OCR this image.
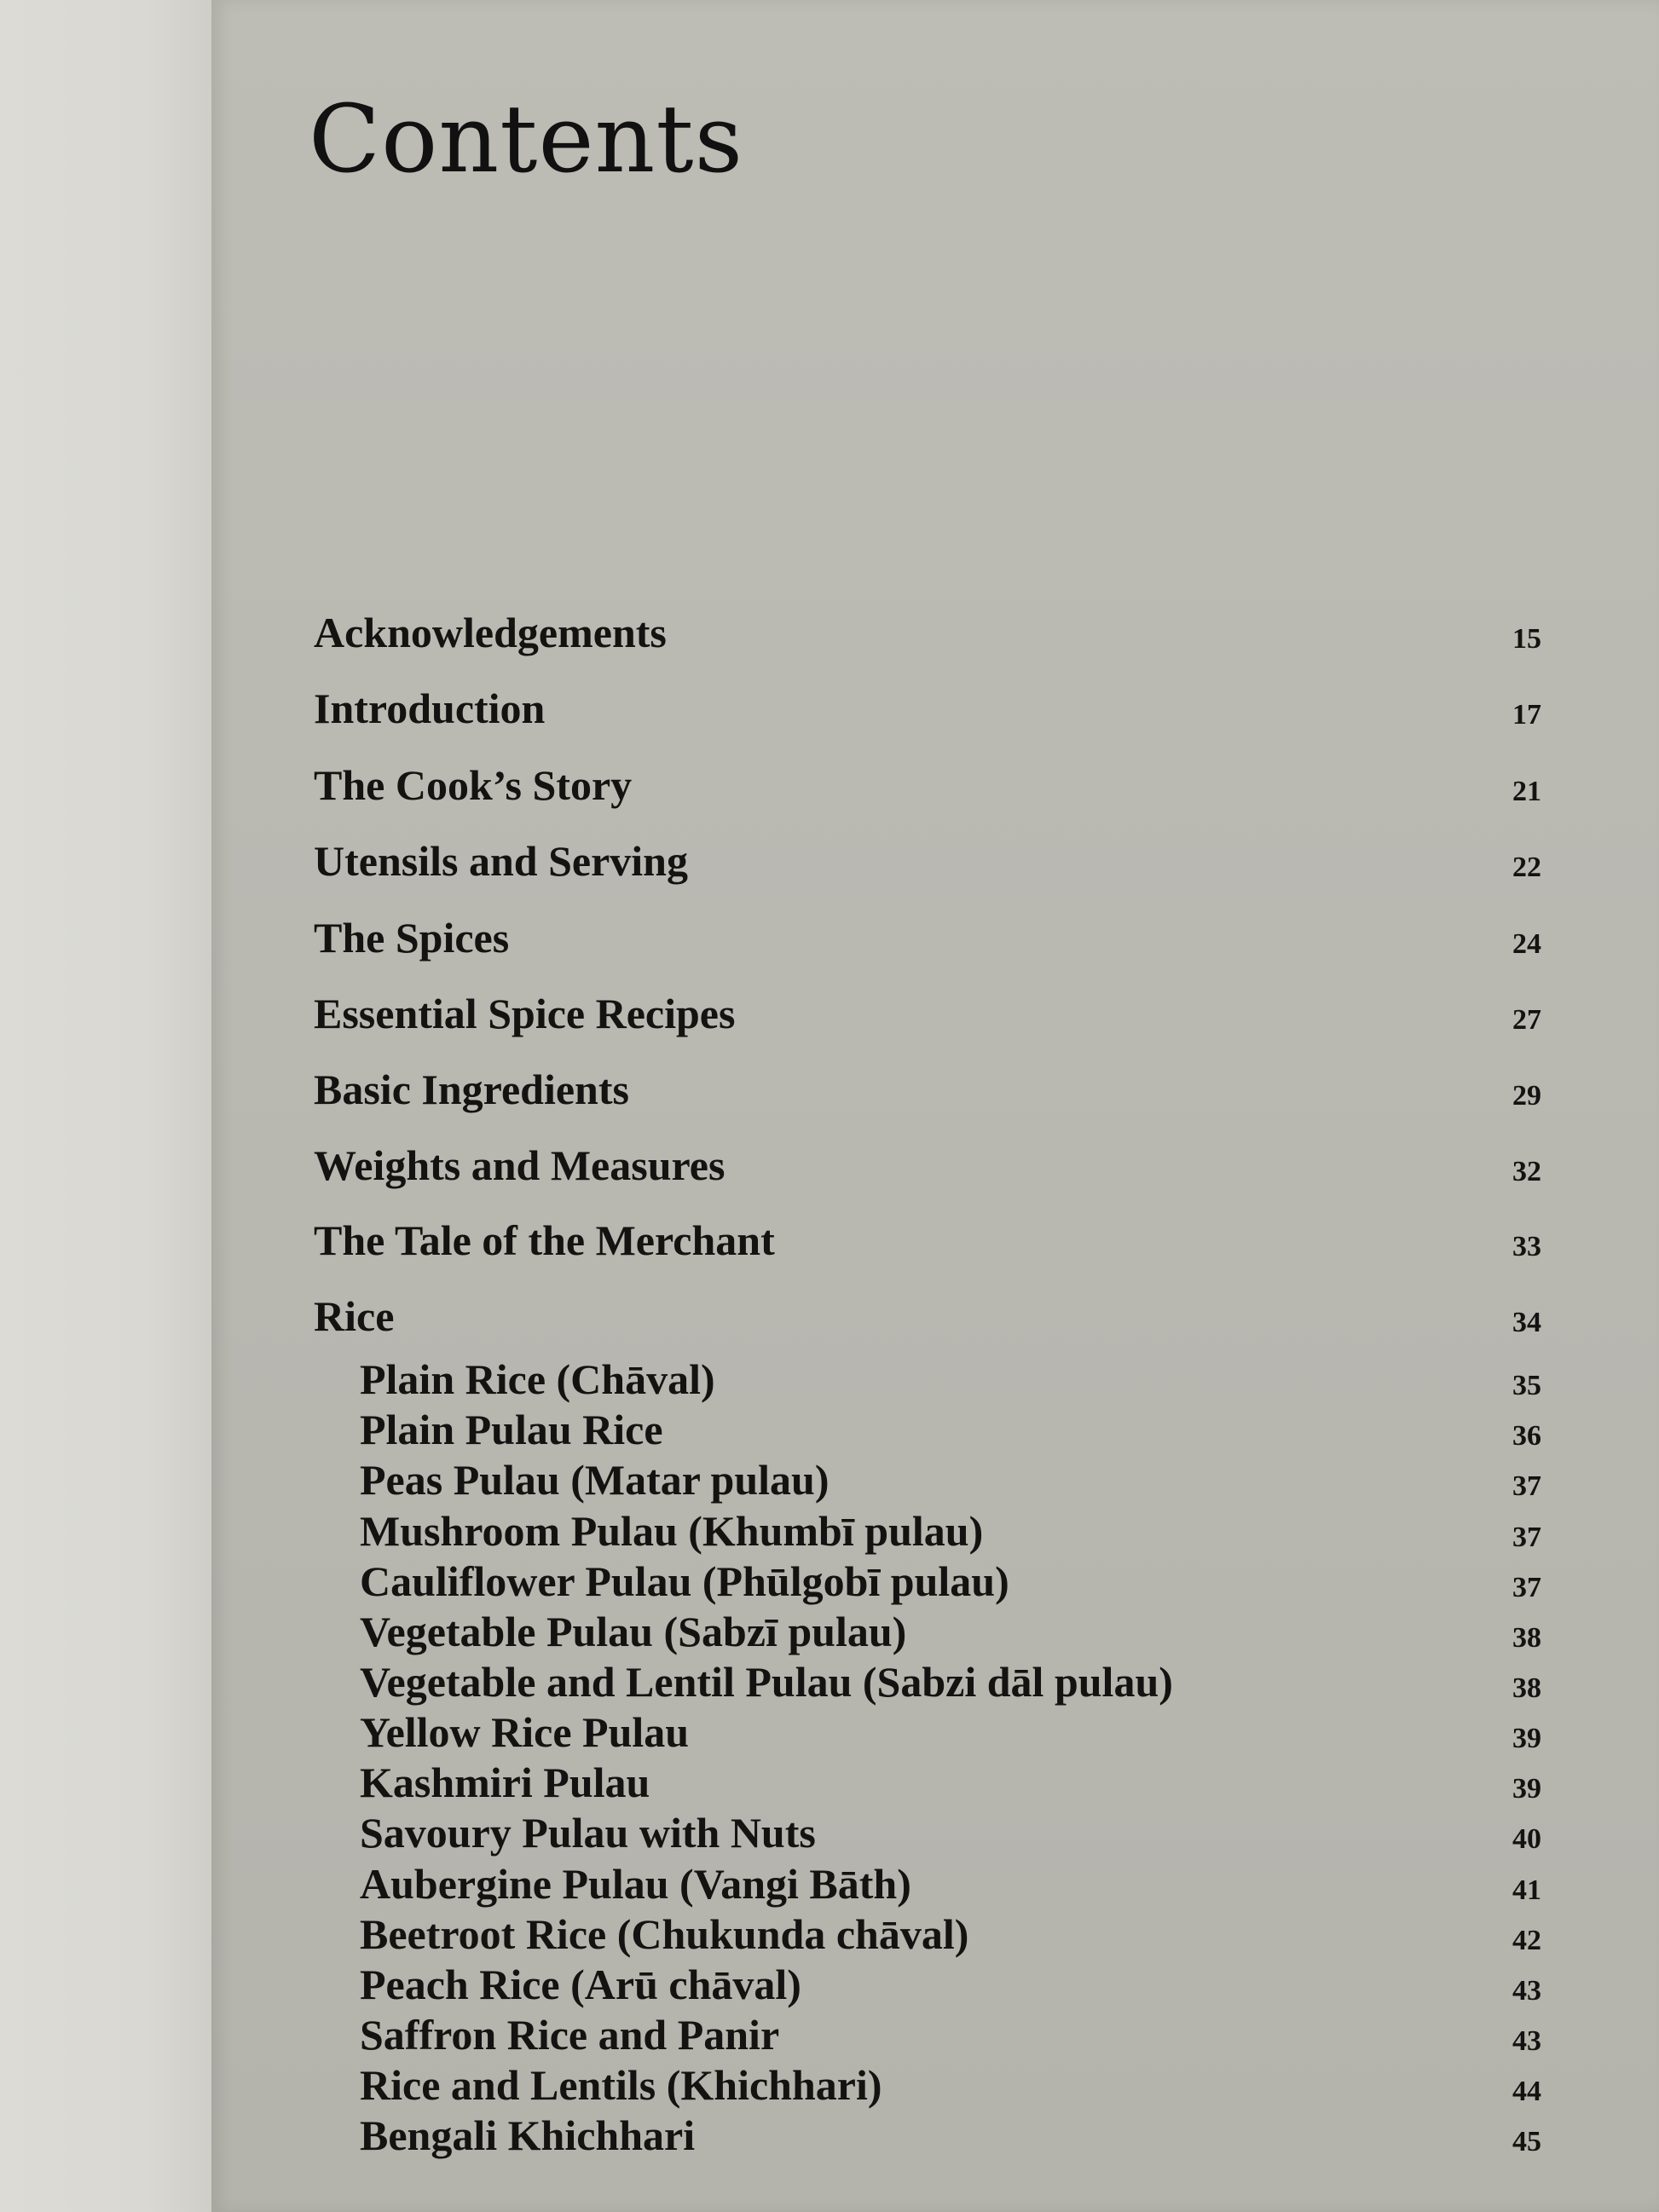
Contents
Acknowledgements	15
Introduction	17
The Cook’s Story	21
Utensils and Serving	22
The Spices	24
Essential Spice Recipes	27
Basic Ingredients	29
Weights and Measures	32
The Tale of the Merchant	33
Rice	34
Plain Rice (Chāval)	35
Plain Pulau Rice	36
Peas Pulau (Matar pulau)	37
Mushroom Pulau (Khumbī pulau)	37
Cauliflower Pulau (Phūlgobī pulau)	37
Vegetable Pulau (Sabzī pulau)	38
Vegetable and Lentil Pulau (Sabzi dāl pulau)	38
Yellow Rice Pulau	39
Kashmiri Pulau	39
Savoury Pulau with Nuts	40
Aubergine Pulau (Vangi Bāth)	41
Beetroot Rice (Chukunda chāval)	42
Peach Rice (Arū chāval)	43
Saffron Rice and Panir	43
Rice and Lentils (Khichhari)	44
Bengali Khichhari	45
